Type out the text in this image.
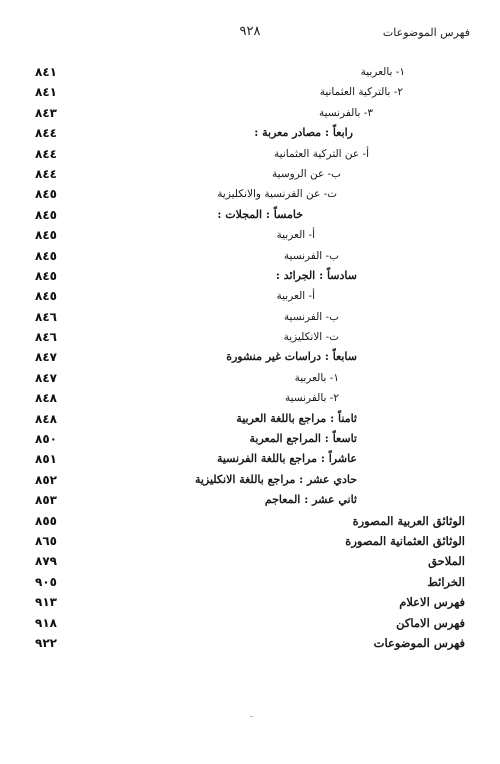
فهرس الموضوعات
٩٢٨
١- بالعربية
٨٤١
٢- بالتركية العثمانية
٨٤١
٣- بالفرنسية
٨٤٣
رابعاً : مصادر معربة :
٨٤٤
أ- عن التركية العثمانية
٨٤٤
ب- عن الروسية
٨٤٤
ت- عن الفرنسية والانكليزية
٨٤٥
خامساً : المجلات :
٨٤٥
أ- العربية
٨٤٥
ب- الفرنسية
٨٤٥
سادساً : الجرائد :
٨٤٥
أ- العربية
٨٤٥
ب- الفرنسية
٨٤٦
ت- الانكليزية
٨٤٦
سابعاً : دراسات غير منشورة
٨٤٧
١- بالعربية
٨٤٧
٢- بالفرنسية
٨٤٨
ثامناً : مراجع باللغة العربية
٨٤٨
تاسعاً : المراجع المعربة
٨٥٠
عاشراً : مراجع باللغة الفرنسية
٨٥١
حادي عشر : مراجع باللغة الانكليزية
٨٥٢
ثاني عشر : المعاجم
٨٥٣
الوثائق العربية المصورة
٨٥٥
الوثائق العثمانية المصورة
٨٦٥
الملاحق
٨٧٩
الخرائط
٩٠٥
فهرس الاعلام
٩١٣
فهرس الاماكن
٩١٨
فهرس الموضوعات
٩٢٢
